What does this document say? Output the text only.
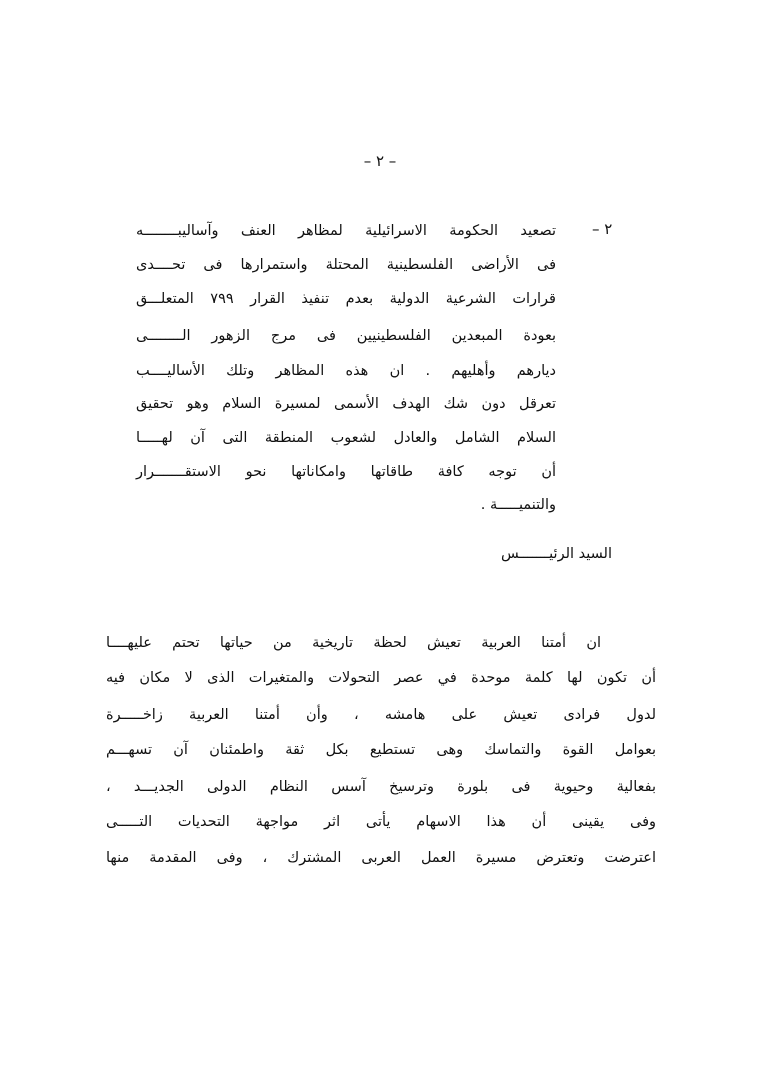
– ٢ –
٢ –
تصعيد الحكومة الاسرائيلية لمظاهر العنف وآساليبــــــــه
فى الأراضى الفلسطينية المحتلة واستمرارها فى تحــــدى
قرارات الشرعية الدولية بعدم تنفيذ القرار ٧٩٩ المتعلـــق
بعودة المبعدين الفلسطينيين فى مرج الزهور الــــــــى
ديارهم وأهليهم . ان هذه المظاهر وتلك الأساليــــب
تعرقل دون شك الهدف الأسمى لمسيرة السلام وهو تحقيق
السلام الشامل والعادل لشعوب المنطقة التى آن لهـــــا
أن توجه كافة طاقاتها وامكاناتها نحو الاستقـــــــرار
والتنميـــــة .
السيد الرئيـــــــس
ان أمتنا العربية تعيش لحظة تاريخية من حياتها تحتم عليهــــا
أن تكون لها كلمة موحدة في عصر التحولات والمتغيرات الذى لا مكان فيه
لدول فرادى تعيش على هامشه ، وأن أمتنا العربية زاخـــــرة
بعوامل القوة والتماسك وهى تستطيع بكل ثقة واطمئنان آن تسهـــم
بفعالية وحيوية فى بلورة وترسيخ آسس النظام الدولى الجديـــد ،
وفى يقينى أن هذا الاسهام يأتى اثر مواجهة التحديات التـــــى
اعترضت وتعترض مسيرة العمل العربى المشترك ، وفى المقدمة منها
